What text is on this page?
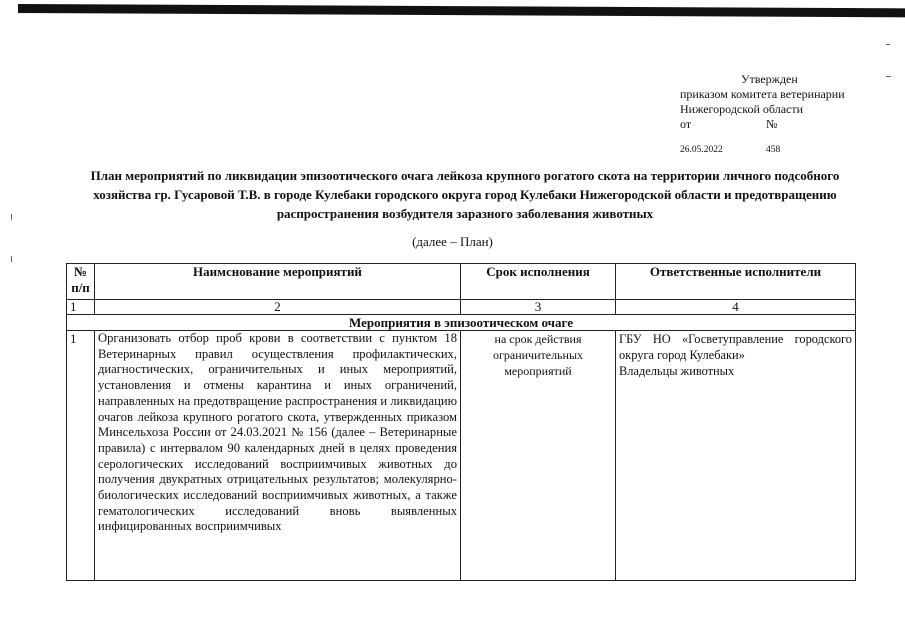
Утвержден
приказом комитета ветеринарии
Нижегородской области
от	№
26.05.2022	458
План мероприятий по ликвидации эпизоотического очага лейкоза крупного рогатого скота на территории личного подсобного хозяйства гр. Гусаровой Т.В. в городе Кулебаки городского округа город Кулебаки Нижегородской области и предотвращению распространения возбудителя заразного заболевания животных
(далее – План)
№ п/п	Наимснование мероприятий	Срок исполнения	Ответственные исполнители
1	2	3	4
Мероприятия в эпизоотическом очаге			
1	Организовать отбор проб крови в соответствии с пунктом 18 Ветеринарных правил осуществления профилактических, диагностических, ограничительных и иных мероприятий, установления и отмены карантина и иных ограничений, направленных на предотвращение распространения и ликвидацию очагов лейкоза крупного рогатого скота, утвержденных приказом Минсельхоза России от 24.03.2021 № 156 (далее – Ветеринарные правила) с интервалом 90 календарных дней в целях проведения серологических исследований восприимчивых животных до получения двукратных отрицательных результатов; молекулярно-биологических исследований восприимчивых животных, а также гематологических исследований вновь выявленных инфицированных восприимчивых	на срок действия ограничительных мероприятий	ГБУ НО «Госветуправление городского округа город Кулебаки»
Владельцы животных
